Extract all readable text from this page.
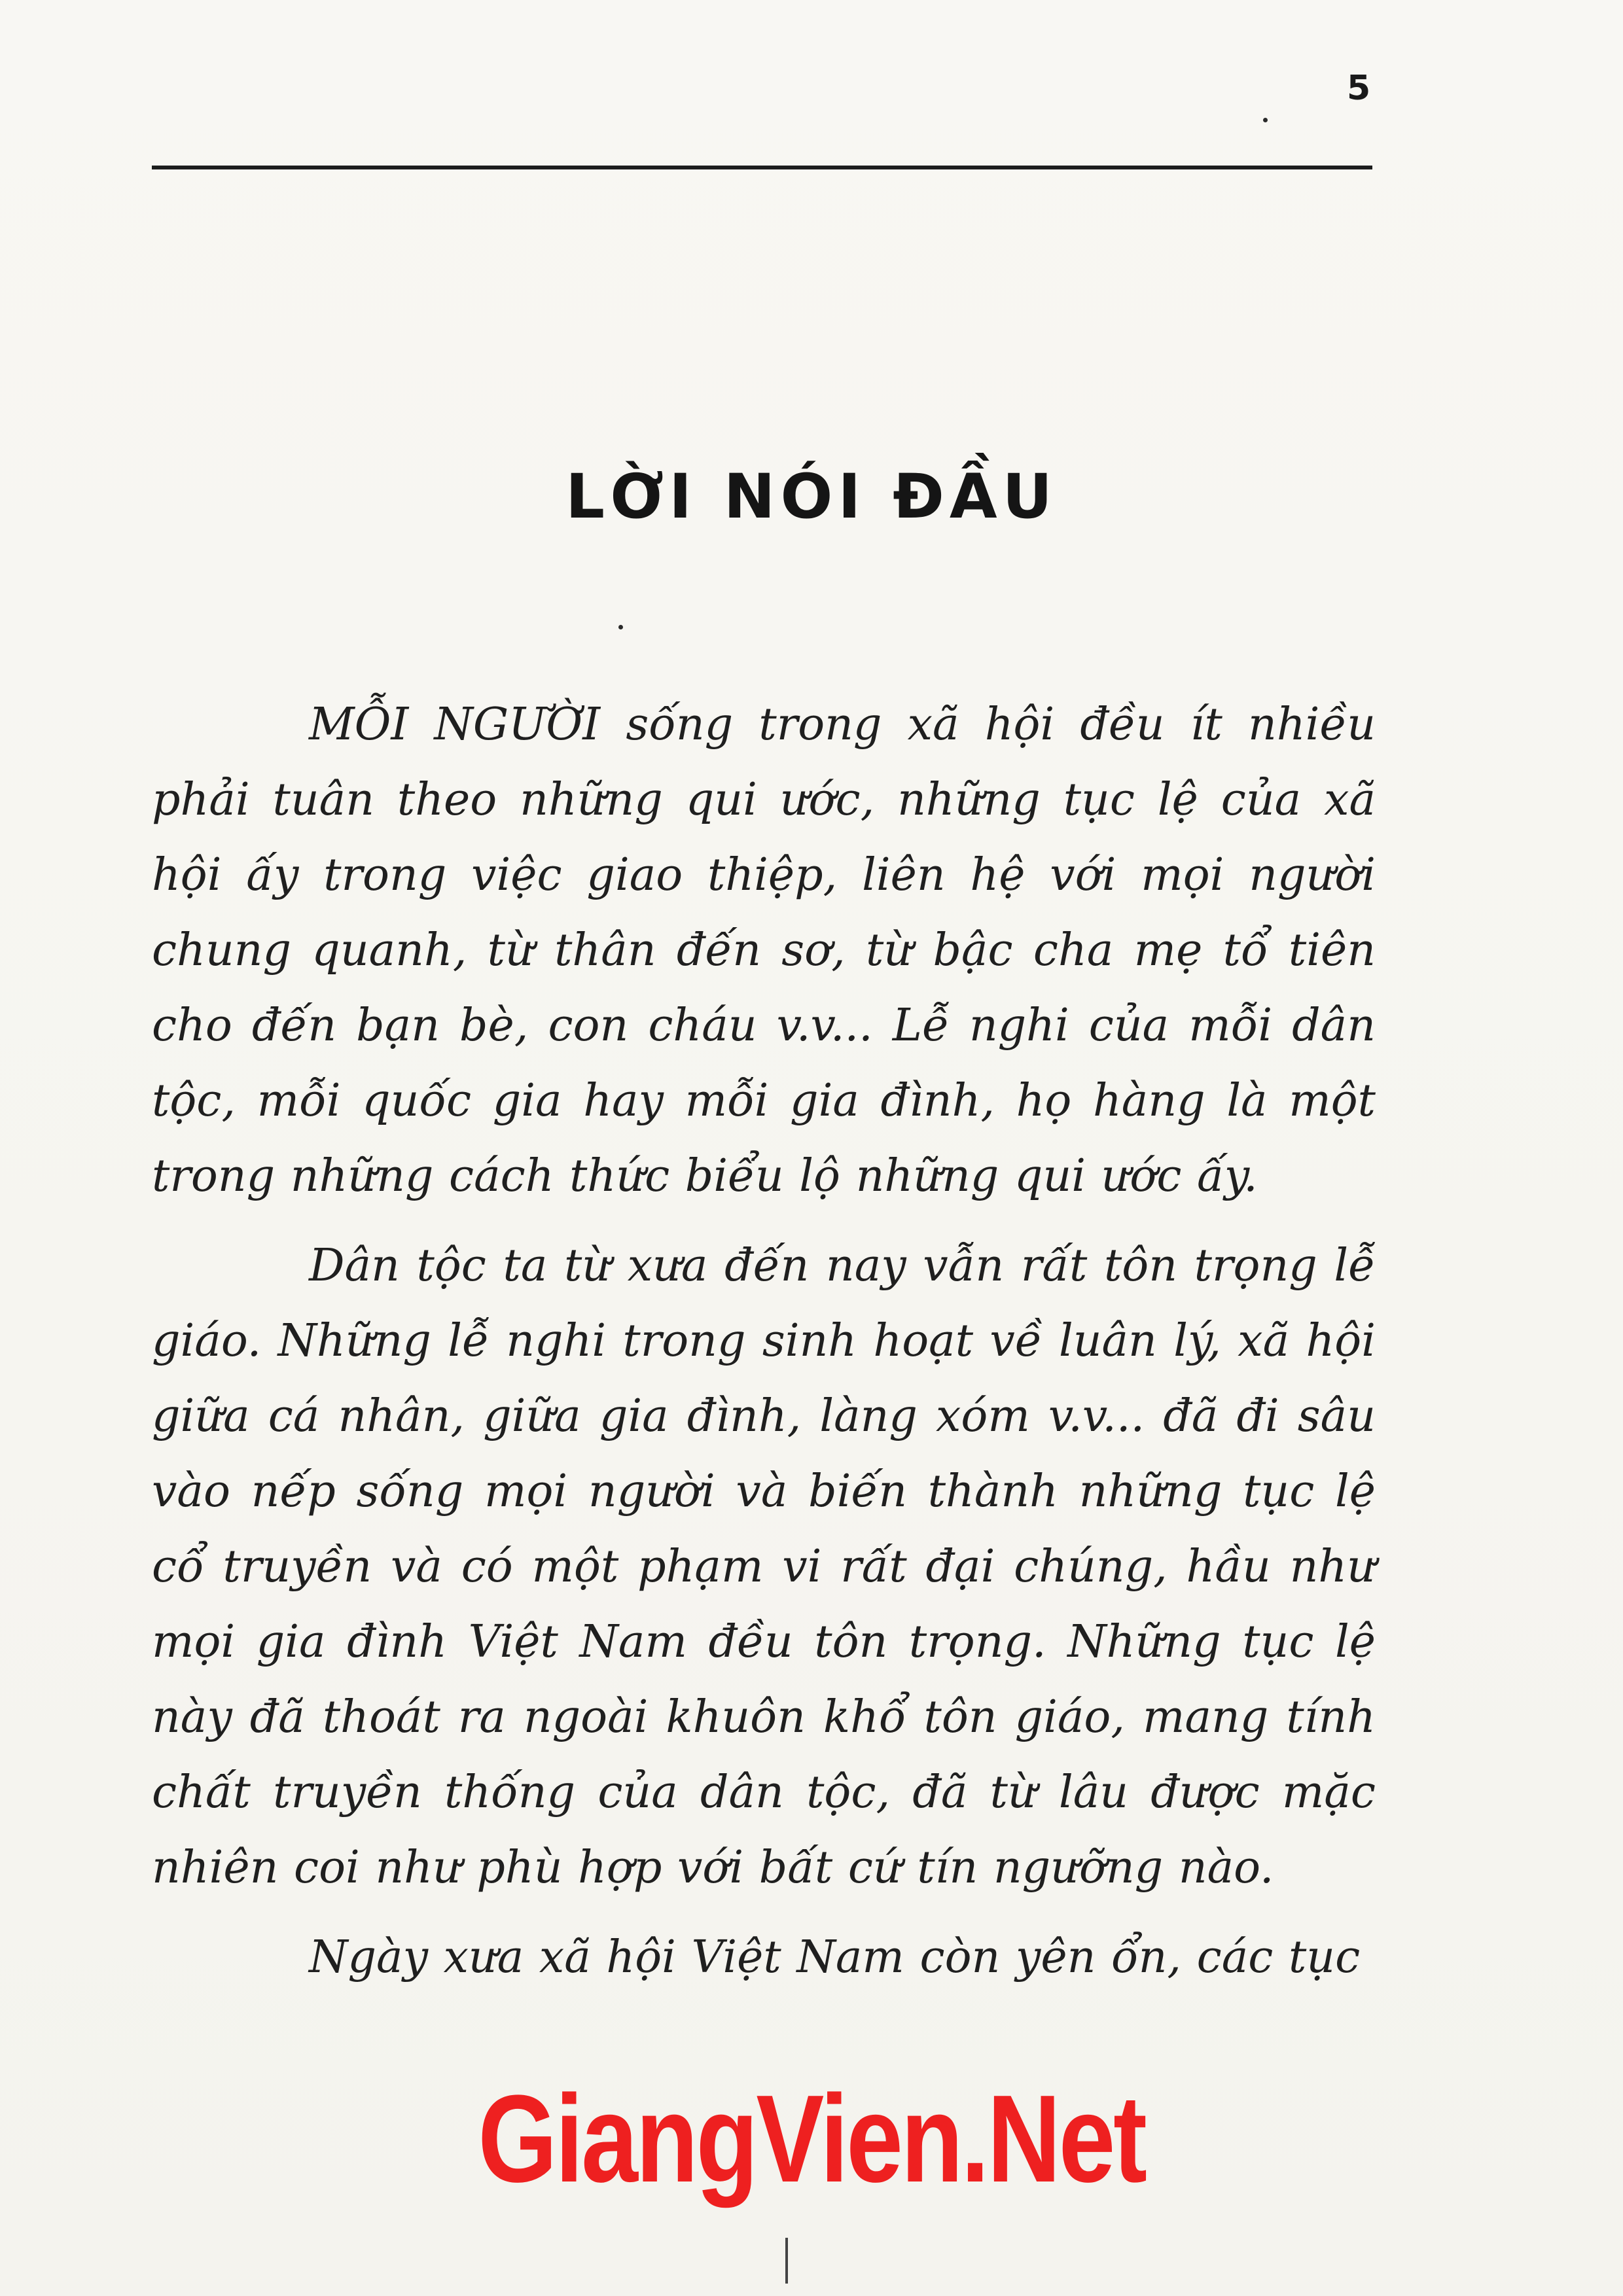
5
LỜI NÓI ĐẦU

MỖI NGƯỜI sống trong xã hội đều ít nhiều phải tuân theo những qui ước, những tục lệ của xã hội ấy trong việc giao thiệp, liên hệ với mọi người chung quanh, từ thân đến sơ, từ bậc cha mẹ tổ tiên cho đến bạn bè, con cháu v.v... Lễ nghi của mỗi dân tộc, mỗi quốc gia hay mỗi gia đình, họ hàng là một trong những cách thức biểu lộ những qui ước ấy.

Dân tộc ta từ xưa đến nay vẫn rất tôn trọng lễ giáo. Những lễ nghi trong sinh hoạt về luân lý, xã hội giữa cá nhân, giữa gia đình, làng xóm v.v... đã đi sâu vào nếp sống mọi người và biến thành những tục lệ cổ truyền và có một phạm vi rất đại chúng, hầu như mọi gia đình Việt Nam đều tôn trọng. Những tục lệ này đã thoát ra ngoài khuôn khổ tôn giáo, mang tính chất truyền thống của dân tộc, đã từ lâu được mặc nhiên coi như phù hợp với bất cứ tín ngưỡng nào.

Ngày xưa xã hội Việt Nam còn yên ổn, các tục

GiangVien.Net
